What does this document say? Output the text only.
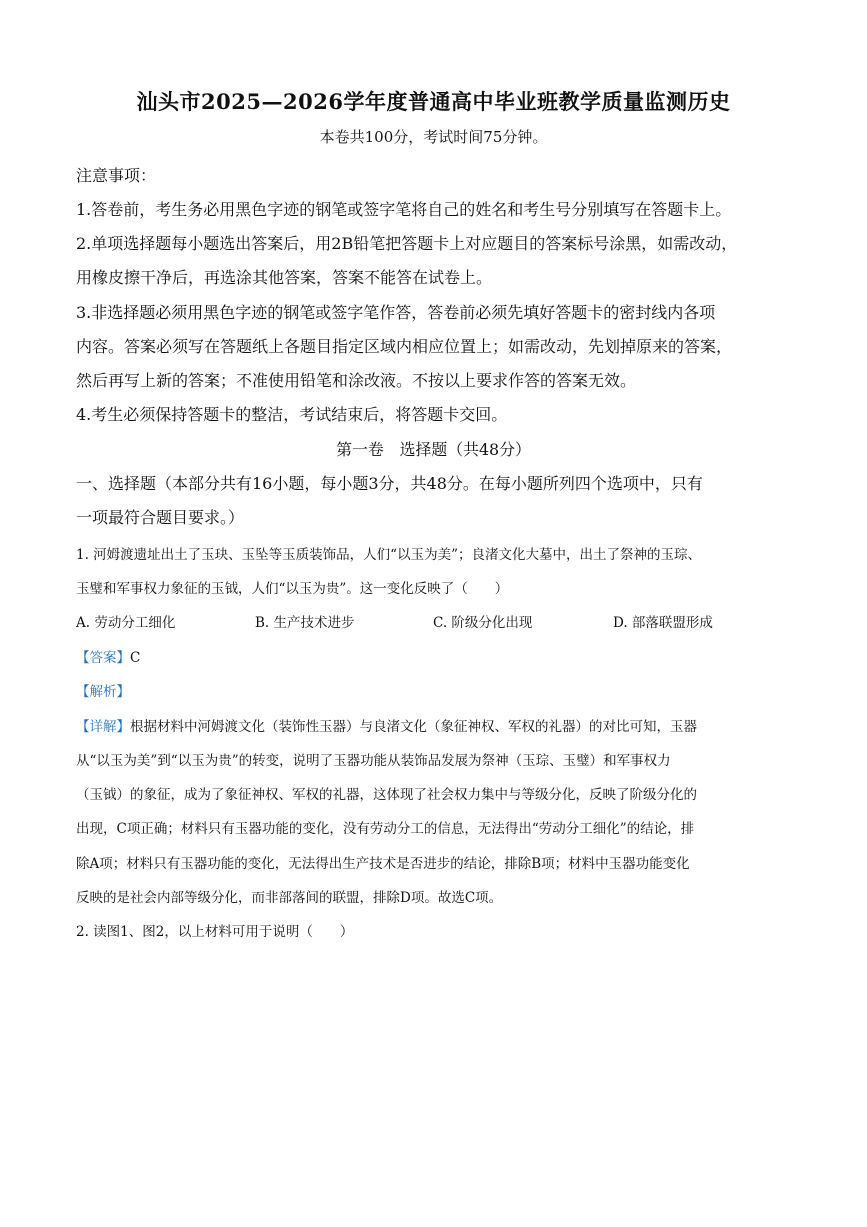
汕头市2025—2026学年度普通高中毕业班教学质量监测历史
本卷共100分，考试时间75分钟。
注意事项：
1.答卷前，考生务必用黑色字迹的钢笔或签字笔将自己的姓名和考生号分别填写在答题卡上。
2.单项选择题每小题选出答案后，用2B铅笔把答题卡上对应题目的答案标号涂黑，如需改动，
用橡皮擦干净后，再选涂其他答案，答案不能答在试卷上。
3.非选择题必须用黑色字迹的钢笔或签字笔作答，答卷前必须先填好答题卡的密封线内各项
内容。答案必须写在答题纸上各题目指定区域内相应位置上；如需改动，先划掉原来的答案，
然后再写上新的答案；不准使用铅笔和涂改液。不按以上要求作答的答案无效。
4.考生必须保持答题卡的整洁，考试结束后，将答题卡交回。
第一卷　选择题（共48分）
一、选择题（本部分共有16小题，每小题3分，共48分。在每小题所列四个选项中，只有
一项最符合题目要求。）
1. 河姆渡遗址出土了玉玦、玉坠等玉质装饰品，人们“以玉为美”；良渚文化大墓中，出土了祭神的玉琮、
玉璧和军事权力象征的玉钺，人们“以玉为贵”。这一变化反映了（　　）
A. 劳动分工细化	B. 生产技术进步	C. 阶级分化出现	D. 部落联盟形成
【答案】C
【解析】
【详解】根据材料中河姆渡文化（装饰性玉器）与良渚文化（象征神权、军权的礼器）的对比可知，玉器
从“以玉为美”到“以玉为贵”的转变，说明了玉器功能从装饰品发展为祭神（玉琮、玉璧）和军事权力
（玉钺）的象征，成为了象征神权、军权的礼器，这体现了社会权力集中与等级分化，反映了阶级分化的
出现，C项正确；材料只有玉器功能的变化，没有劳动分工的信息，无法得出“劳动分工细化”的结论，排
除A项；材料只有玉器功能的变化，无法得出生产技术是否进步的结论，排除B项；材料中玉器功能变化
反映的是社会内部等级分化，而非部落间的联盟，排除D项。故选C项。
2. 读图1、图2，以上材料可用于说明（　　）
